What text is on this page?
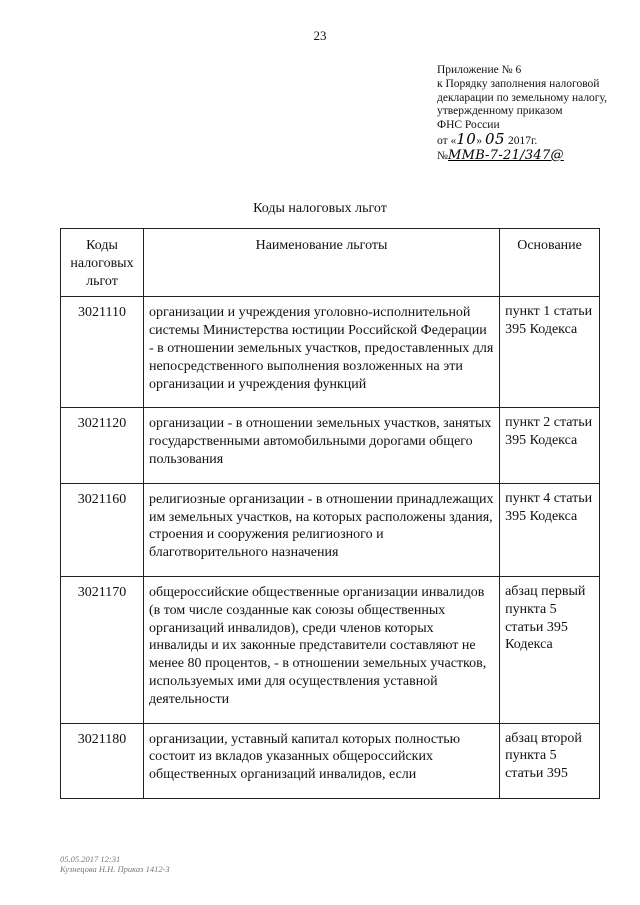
23
Приложение № 6
к Порядку заполнения налоговой
декларации по земельному налогу,
утвержденному приказом
ФНС России
от «10» 05 2017г.
№ММВ-7-21/347@
Коды налоговых льгот
Коды налоговых льгот	Наименование льготы	Основание
3021110	организации и учреждения уголовно-исполнительной системы Министерства юстиции Российской Федерации - в отношении земельных участков, предоставленных для непосредственного выполнения возложенных на эти организации и учреждения функций	пункт 1 статьи 395 Кодекса
3021120	организации - в отношении земельных участков, занятых государственными автомобильными дорогами общего пользования	пункт 2 статьи 395 Кодекса
3021160	религиозные организации - в отношении принадлежащих им земельных участков, на которых расположены здания, строения и сооружения религиозного и благотворительного назначения	пункт 4 статьи 395 Кодекса
3021170	общероссийские общественные организации инвалидов (в том числе созданные как союзы общественных организаций инвалидов), среди членов которых инвалиды и их законные представители составляют не менее 80 процентов, - в отношении земельных участков, используемых ими для осуществления уставной деятельности	абзац первый пункта 5 статьи 395 Кодекса
3021180	организации, уставный капитал которых полностью состоит из вкладов указанных общероссийских общественных организаций инвалидов, если	абзац второй пункта 5 статьи 395
05.05.2017 12:31
Кузнецова Н.Н. Приказ 1412-3
